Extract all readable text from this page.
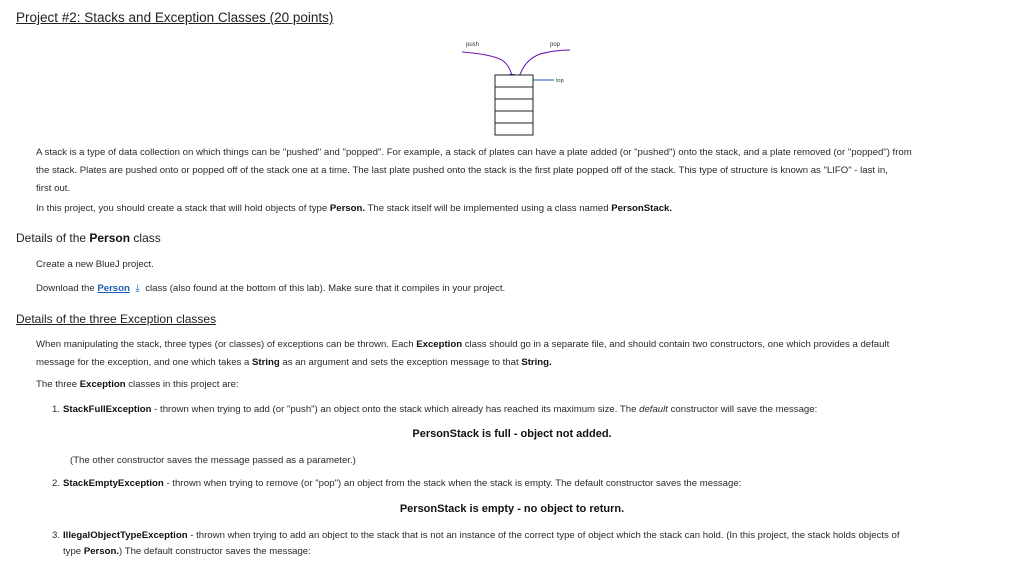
Project #2: Stacks and Exception Classes (20 points)
push	pop
top
A stack is a type of data collection on which things can be "pushed" and "popped". For example, a stack of plates can have a plate added (or "pushed") onto the stack, and a plate removed (or "popped") from
the stack. Plates are pushed onto or popped off of the stack one at a time. The last plate pushed onto the stack is the first plate popped off of the stack. This type of structure is known as "LIFO" - last in,
first out.
In this project, you should create a stack that will hold objects of type Person. The stack itself will be implemented using a class named PersonStack.
Details of the Person class
Create a new BlueJ project.
Download the Person ⤓ class (also found at the bottom of this lab). Make sure that it compiles in your project.
Details of the three Exception classes
When manipulating the stack, three types (or classes) of exceptions can be thrown. Each Exception class should go in a separate file, and should contain two constructors, one which provides a default
message for the exception, and one which takes a String as an argument and sets the exception message to that String.
The three Exception classes in this project are:
1. StackFullException - thrown when trying to add (or "push") an object onto the stack which already has reached its maximum size. The default constructor will save the message:
PersonStack is full - object not added.
(The other constructor saves the message passed as a parameter.)
2. StackEmptyException - thrown when trying to remove (or "pop") an object from the stack when the stack is empty. The default constructor saves the message:
PersonStack is empty - no object to return.
3. IllegalObjectTypeException - thrown when trying to add an object to the stack that is not an instance of the correct type of object which the stack can hold. (In this project, the stack holds objects of
type Person.) The default constructor saves the message:
